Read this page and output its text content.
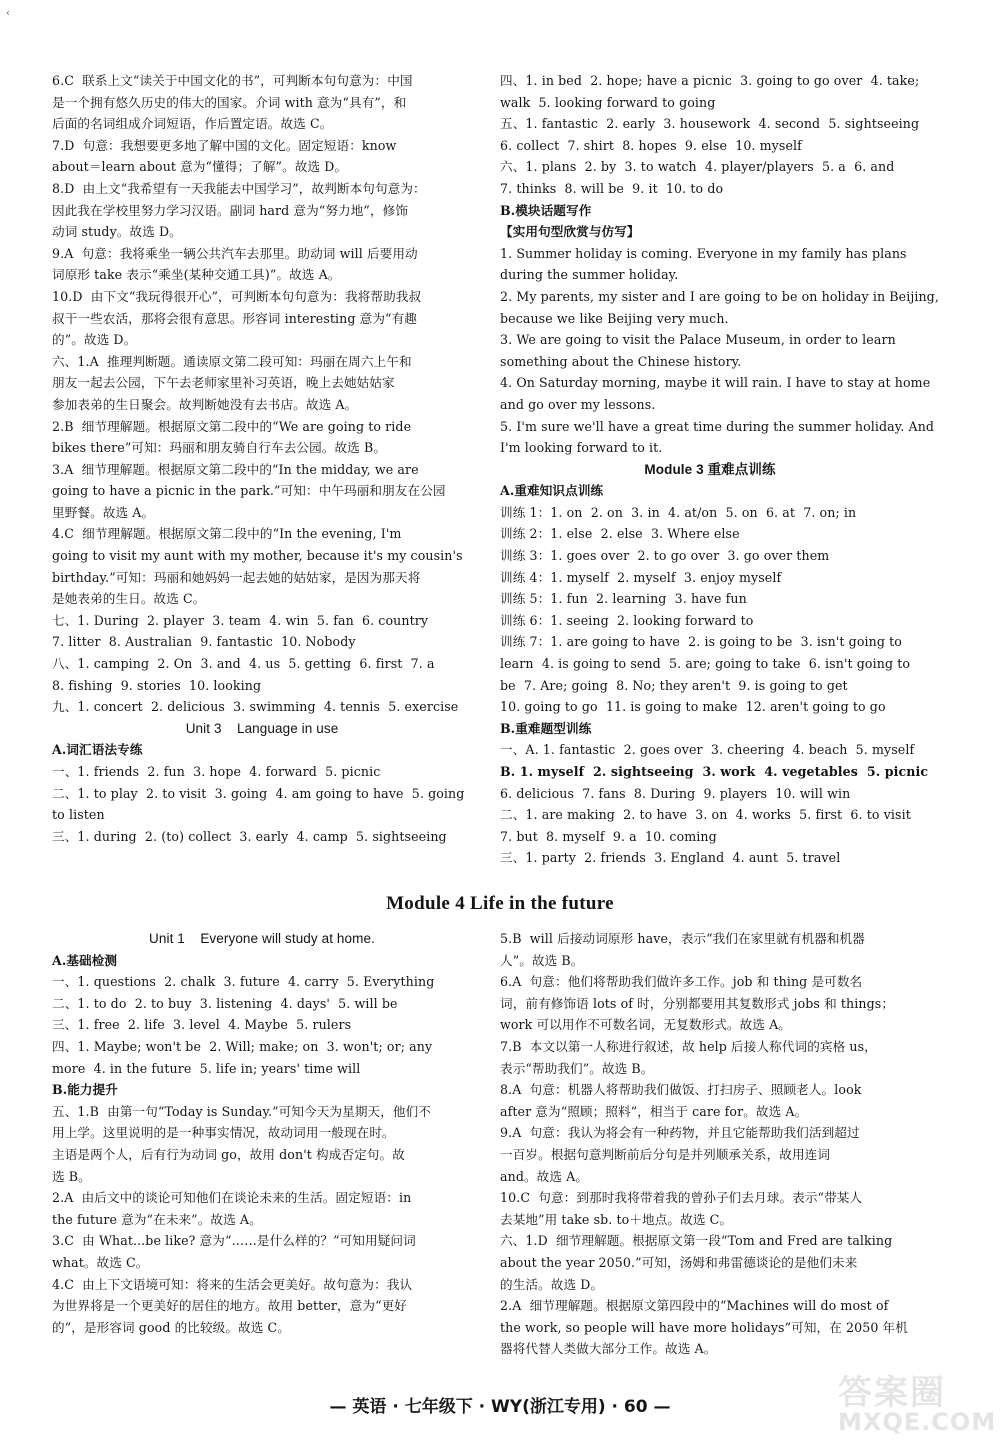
‹
6.C  联系上文“读关于中国文化的书”，可判断本句句意为：中国
是一个拥有悠久历史的伟大的国家。介词 with 意为“具有”，和
后面的名词组成介词短语，作后置定语。故选 C。
7.D  句意：我想要更多地了解中国的文化。固定短语：know
about＝learn about 意为“懂得；了解”。故选 D。
8.D  由上文“我希望有一天我能去中国学习”，故判断本句句意为：
因此我在学校里努力学习汉语。副词 hard 意为“努力地”，修饰
动词 study。故选 D。
9.A  句意：我将乘坐一辆公共汽车去那里。助动词 will 后要用动
词原形 take 表示“乘坐(某种交通工具)”。故选 A。
10.D  由下文“我玩得很开心”，可判断本句句意为：我将帮助我叔
叔干一些农活，那将会很有意思。形容词 interesting 意为“有趣
的”。故选 D。
六、1.A  推理判断题。通读原文第二段可知：玛丽在周六上午和
朋友一起去公园，下午去老师家里补习英语，晚上去她姑姑家
参加表弟的生日聚会。故判断她没有去书店。故选 A。
2.B  细节理解题。根据原文第二段中的“We are going to ride
bikes there”可知：玛丽和朋友骑自行车去公园。故选 B。
3.A  细节理解题。根据原文第二段中的“In the midday, we are
going to have a picnic in the park.”可知：中午玛丽和朋友在公园
里野餐。故选 A。
4.C  细节理解题。根据原文第二段中的“In the evening, I'm
going to visit my aunt with my mother, because it's my cousin's
birthday.”可知：玛丽和她妈妈一起去她的姑姑家，是因为那天将
是她表弟的生日。故选 C。
七、1. During  2. player  3. team  4. win  5. fan  6. country
7. litter  8. Australian  9. fantastic  10. Nobody
八、1. camping  2. On  3. and  4. us  5. getting  6. first  7. a
8. fishing  9. stories  10. looking
九、1. concert  2. delicious  3. swimming  4. tennis  5. exercise
Unit 3    Language in use
A.词汇语法专练
一、1. friends  2. fun  3. hope  4. forward  5. picnic
二、1. to play  2. to visit  3. going  4. am going to have  5. going
to listen
三、1. during  2. (to) collect  3. early  4. camp  5. sightseeing
四、1. in bed  2. hope; have a picnic  3. going to go over  4. take;
walk  5. looking forward to going
五、1. fantastic  2. early  3. housework  4. second  5. sightseeing
6. collect  7. shirt  8. hopes  9. else  10. myself
六、1. plans  2. by  3. to watch  4. player/players  5. a  6. and
7. thinks  8. will be  9. it  10. to do
B.模块话题写作
【实用句型欣赏与仿写】
1. Summer holiday is coming. Everyone in my family has plans
during the summer holiday.
2. My parents, my sister and I are going to be on holiday in Beijing,
because we like Beijing very much.
3. We are going to visit the Palace Museum, in order to learn
something about the Chinese history.
4. On Saturday morning, maybe it will rain. I have to stay at home
and go over my lessons.
5. I'm sure we'll have a great time during the summer holiday. And
I'm looking forward to it.
Module 3 重难点训练
A.重难知识点训练
训练 1：1. on  2. on  3. in  4. at/on  5. on  6. at  7. on; in
训练 2：1. else  2. else  3. Where else
训练 3：1. goes over  2. to go over  3. go over them
训练 4：1. myself  2. myself  3. enjoy myself
训练 5：1. fun  2. learning  3. have fun
训练 6：1. seeing  2. looking forward to
训练 7：1. are going to have  2. is going to be  3. isn't going to
learn  4. is going to send  5. are; going to take  6. isn't going to
be  7. Are; going  8. No; they aren't  9. is going to get
10. going to go  11. is going to make  12. aren't going to go
B.重难题型训练
一、A. 1. fantastic  2. goes over  3. cheering  4. beach  5. myself
B. 1. myself  2. sightseeing  3. work  4. vegetables  5. picnic
6. delicious  7. fans  8. During  9. players  10. will win
二、1. are making  2. to have  3. on  4. works  5. first  6. to visit
7. but  8. myself  9. a  10. coming
三、1. party  2. friends  3. England  4. aunt  5. travel
Module 4 Life in the future
Unit 1    Everyone will study at home.
A.基础检测
一、1. questions  2. chalk  3. future  4. carry  5. Everything
二、1. to do  2. to buy  3. listening  4. days'  5. will be
三、1. free  2. life  3. level  4. Maybe  5. rulers
四、1. Maybe; won't be  2. Will; make; on  3. won't; or; any
more  4. in the future  5. life in; years' time will
B.能力提升
五、1.B  由第一句“Today is Sunday.”可知今天为星期天，他们不
用上学。这里说明的是一种事实情况，故动词用一般现在时。
主语是两个人，后有行为动词 go，故用 don't 构成否定句。故
选 B。
2.A  由后文中的谈论可知他们在谈论未来的生活。固定短语：in
the future 意为“在未来”。故选 A。
3.C  由 What...be like? 意为“……是什么样的？”可知用疑问词
what。故选 C。
4.C  由上下文语境可知：将来的生活会更美好。故句意为：我认
为世界将是一个更美好的居住的地方。故用 better，意为“更好
的”，是形容词 good 的比较级。故选 C。
5.B  will 后接动词原形 have，表示“我们在家里就有机器和机器
人”。故选 B。
6.A  句意：他们将帮助我们做许多工作。job 和 thing 是可数名
词，前有修饰语 lots of 时，分别都要用其复数形式 jobs 和 things；
work 可以用作不可数名词，无复数形式。故选 A。
7.B  本文以第一人称进行叙述，故 help 后接人称代词的宾格 us，
表示“帮助我们”。故选 B。
8.A  句意：机器人将帮助我们做饭、打扫房子、照顾老人。look
after 意为“照顾；照料”，相当于 care for。故选 A。
9.A  句意：我认为将会有一种药物，并且它能帮助我们活到超过
一百岁。根据句意判断前后分句是并列顺承关系，故用连词
and。故选 A。
10.C  句意：到那时我将带着我的曾孙子们去月球。表示“带某人
去某地”用 take sb. to＋地点。故选 C。
六、1.D  细节理解题。根据原文第一段“Tom and Fred are talking
about the year 2050.”可知，汤姆和弗雷德谈论的是他们未来
的生活。故选 D。
2.A  细节理解题。根据原文第四段中的“Machines will do most of
the work, so people will have more holidays”可知，在 2050 年机
器将代替人类做大部分工作。故选 A。
— 英语 · 七年级下 · WY(浙江专用) · 60 —	答案圈
MXQE.COM
